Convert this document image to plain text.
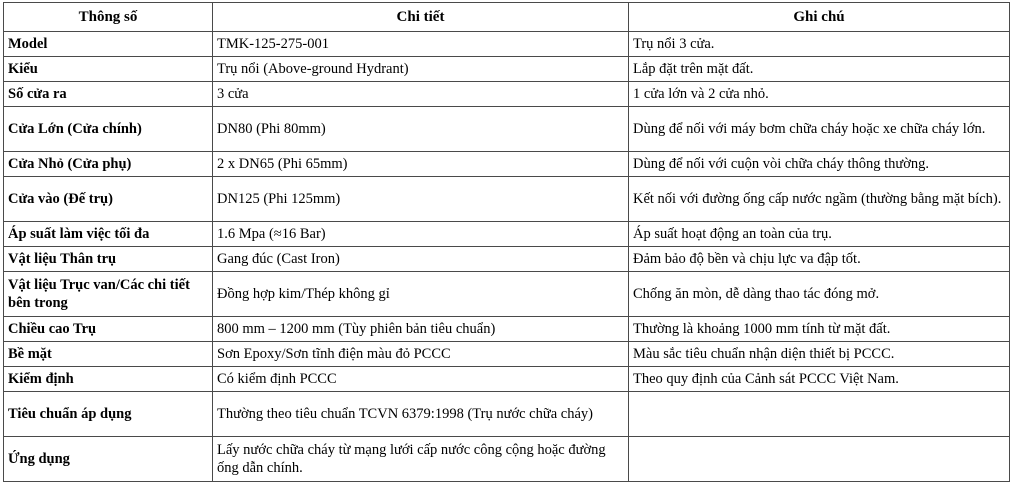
Thông số	Chi tiết	Ghi chú
Model	TMK-125-275-001	Trụ nổi 3 cửa.
Kiểu	Trụ nổi (Above-ground Hydrant)	Lắp đặt trên mặt đất.
Số cửa ra	3 cửa	1 cửa lớn và 2 cửa nhỏ.
Cửa Lớn (Cửa chính)	DN80 (Phi 80mm)	Dùng để nối với máy bơm chữa cháy hoặc xe chữa cháy lớn.
Cửa Nhỏ (Cửa phụ)	2 x DN65 (Phi 65mm)	Dùng để nối với cuộn vòi chữa cháy thông thường.
Cửa vào (Đế trụ)	DN125 (Phi 125mm)	Kết nối với đường ống cấp nước ngầm (thường bằng mặt bích).
Áp suất làm việc tối đa	1.6 Mpa (≈16 Bar)	Áp suất hoạt động an toàn của trụ.
Vật liệu Thân trụ	Gang đúc (Cast Iron)	Đảm bảo độ bền và chịu lực va đập tốt.
Vật liệu Trục van/Các chi tiết bên trong	Đồng hợp kim/Thép không gỉ	Chống ăn mòn, dễ dàng thao tác đóng mở.
Chiều cao Trụ	800 mm – 1200 mm (Tùy phiên bản tiêu chuẩn)	Thường là khoảng 1000 mm tính từ mặt đất.
Bề mặt	Sơn Epoxy/Sơn tĩnh điện màu đỏ PCCC	Màu sắc tiêu chuẩn nhận diện thiết bị PCCC.
Kiểm định	Có kiểm định PCCC	Theo quy định của Cảnh sát PCCC Việt Nam.
Tiêu chuẩn áp dụng	Thường theo tiêu chuẩn TCVN 6379:1998 (Trụ nước chữa cháy)	
Ứng dụng	Lấy nước chữa cháy từ mạng lưới cấp nước công cộng hoặc đường ống dẫn chính.	
